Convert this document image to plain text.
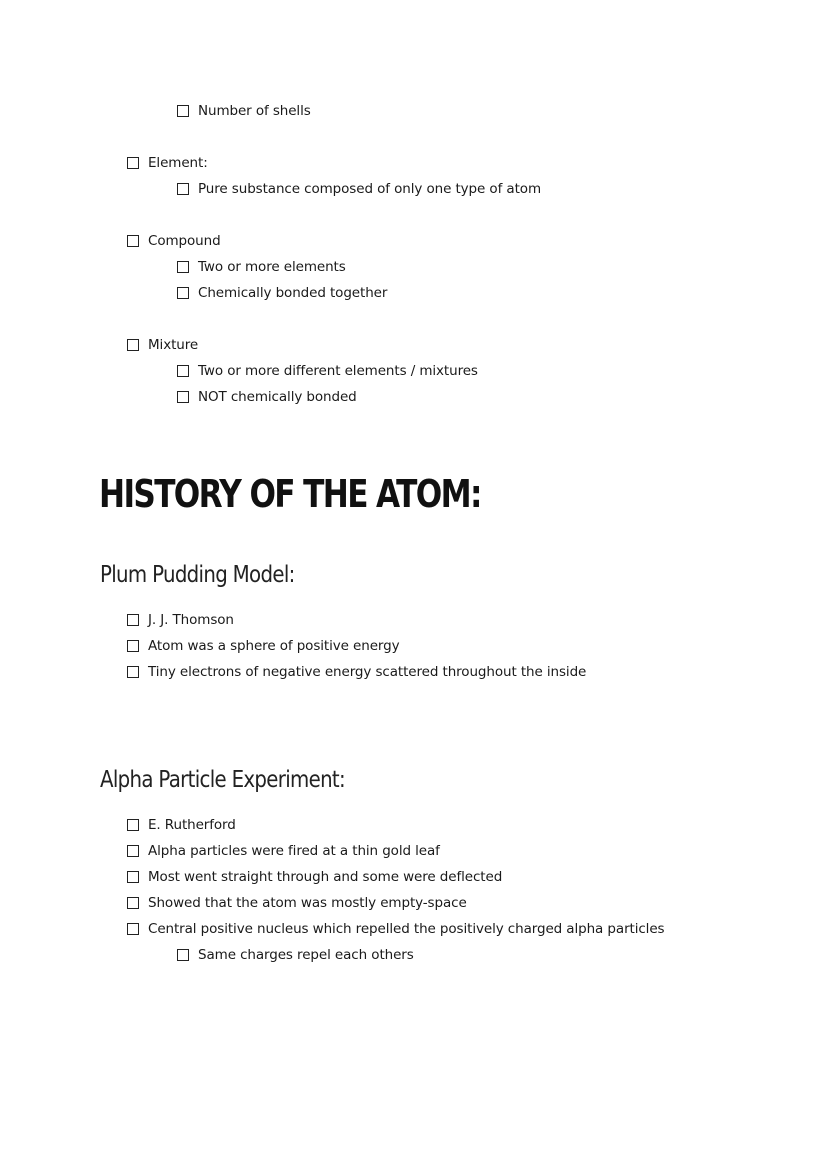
Number of shells
Element:
Pure substance composed of only one type of atom
Compound
Two or more elements
Chemically bonded together
Mixture
Two or more different elements / mixtures
NOT chemically bonded
HISTORY OF THE ATOM:
Plum Pudding Model:
J. J. Thomson
Atom was a sphere of positive energy
Tiny electrons of negative energy scattered throughout the inside
Alpha Particle Experiment:
E. Rutherford
Alpha particles were fired at a thin gold leaf
Most went straight through and some were deflected
Showed that the atom was mostly empty-space
Central positive nucleus which repelled the positively charged alpha particles
Same charges repel each others
